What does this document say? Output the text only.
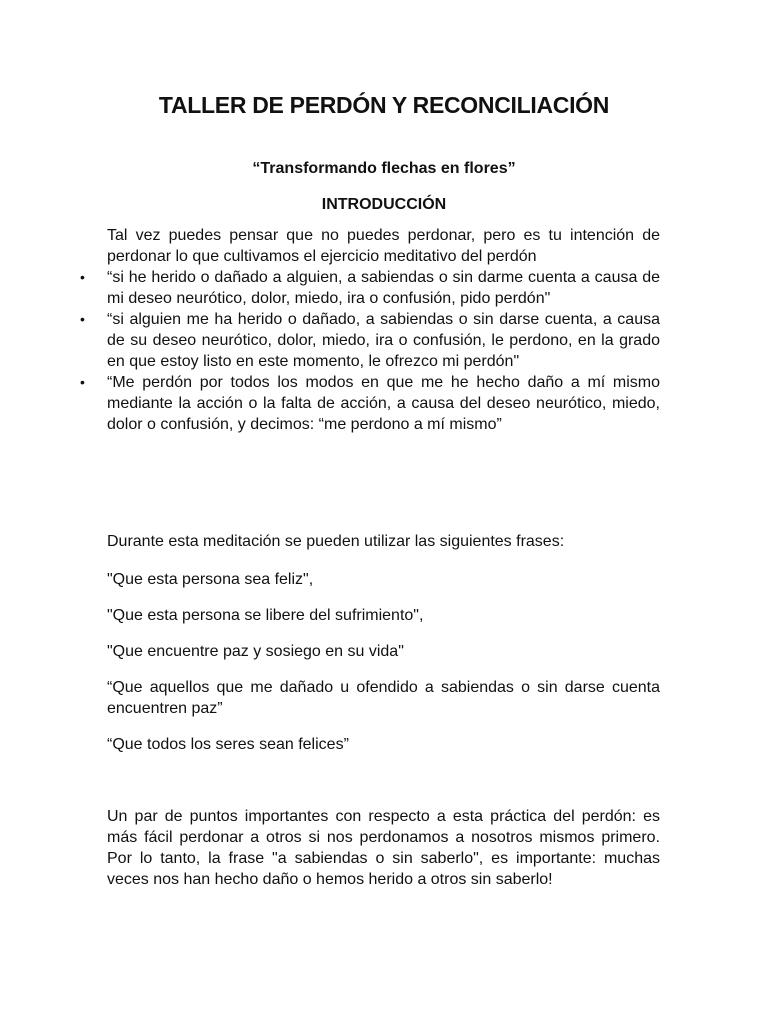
TALLER DE PERDÓN Y RECONCILIACIÓN
“Transformando flechas en flores”
INTRODUCCIÓN
Tal vez puedes pensar que no puedes perdonar, pero es tu intención de perdonar lo que cultivamos el ejercicio meditativo del perdón
• “si he herido o dañado a alguien, a sabiendas o sin darme cuenta a causa de mi deseo neurótico, dolor, miedo, ira o confusión, pido perdón"
• “si alguien me ha herido o dañado, a sabiendas o sin darse cuenta, a causa de su deseo neurótico, dolor, miedo, ira o confusión, le perdono, en la grado en que estoy listo en este momento, le ofrezco mi perdón"
• “Me perdón por todos los modos en que me he hecho daño a mí mismo mediante la acción o la falta de acción, a causa del deseo neurótico, miedo, dolor o confusión, y decimos: “me perdono a mí mismo”
Durante esta meditación se pueden utilizar las siguientes frases:
"Que esta persona sea feliz",
"Que esta persona se libere del sufrimiento",
"Que encuentre paz y sosiego en su vida"
“Que aquellos que me dañado u ofendido a sabiendas o sin darse cuenta encuentren paz”
“Que todos los seres sean felices”
Un par de puntos importantes con respecto a esta práctica del perdón: es más fácil perdonar a otros si nos perdonamos a nosotros mismos primero. Por lo tanto, la frase "a sabiendas o sin saberlo", es importante: muchas veces nos han hecho daño o hemos herido a otros sin saberlo!
